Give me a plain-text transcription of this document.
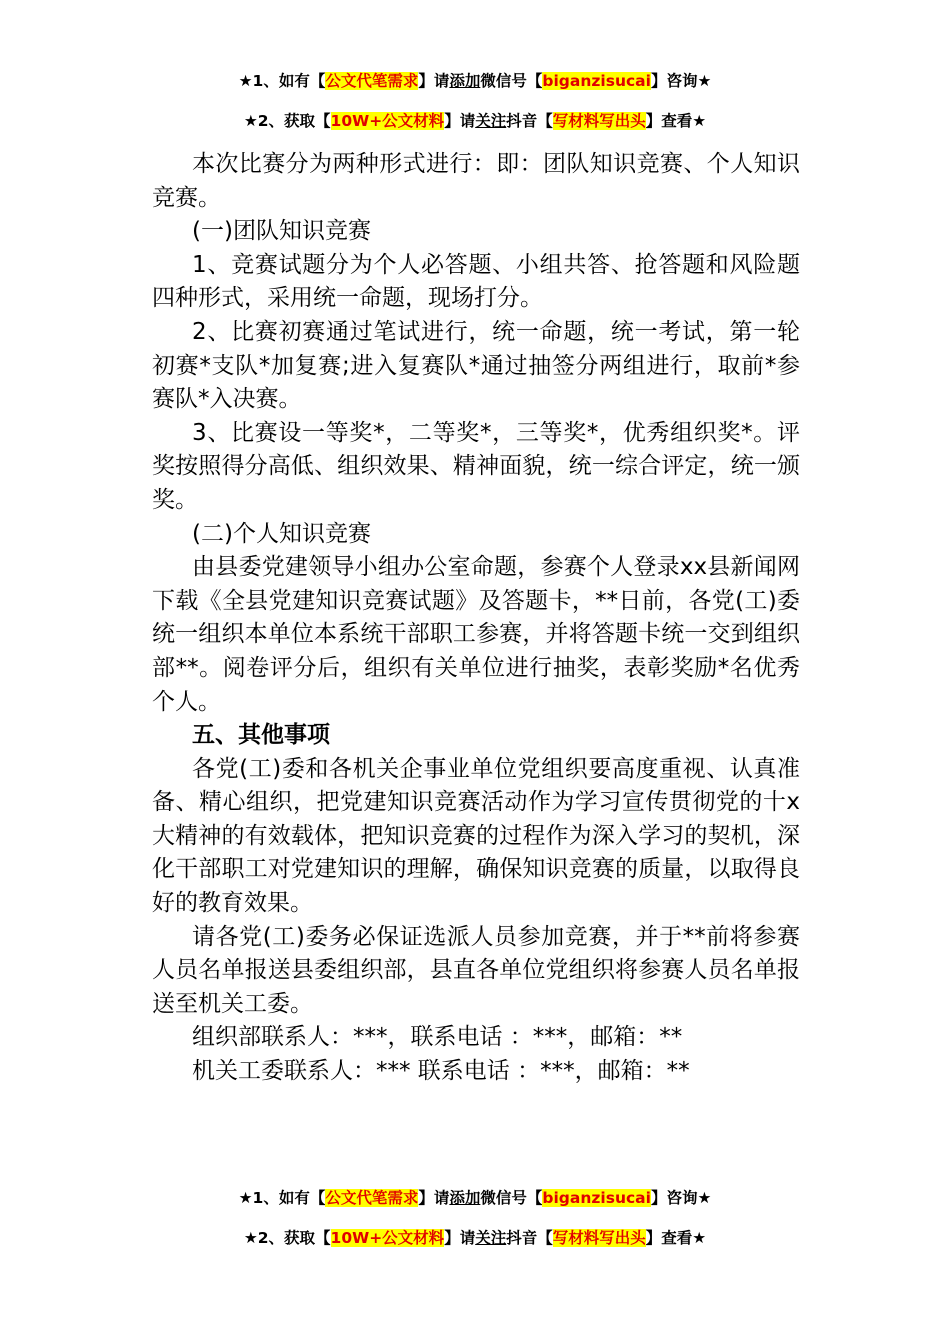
★1、如有【公文代笔需求】请添加微信号【biganzisucai】咨询★
★2、获取【10W+公文材料】请关注抖音【写材料写出头】查看★

本次比赛分为两种形式进行：即：团队知识竞赛、个人知识竞赛。

(一)团队知识竞赛

1、竞赛试题分为个人必答题、小组共答、抢答题和风险题四种形式，采用统一命题，现场打分。

2、比赛初赛通过笔试进行，统一命题，统一考试，第一轮初赛*支队*加复赛;进入复赛队*通过抽签分两组进行，取前*参赛队*入决赛。

3、比赛设一等奖*，二等奖*，三等奖*，优秀组织奖*。评奖按照得分高低、组织效果、精神面貌，统一综合评定，统一颁奖。

(二)个人知识竞赛

由县委党建领导小组办公室命题，参赛个人登录xx县新闻网下载《全县党建知识竞赛试题》及答题卡，**日前，各党(工)委统一组织本单位本系统干部职工参赛，并将答题卡统一交到组织部**。阅卷评分后，组织有关单位进行抽奖，表彰奖励*名优秀个人。

五、其他事项

各党(工)委和各机关企事业单位党组织要高度重视、认真准备、精心组织，把党建知识竞赛活动作为学习宣传贯彻党的十x大精神的有效载体，把知识竞赛的过程作为深入学习的契机，深化干部职工对党建知识的理解，确保知识竞赛的质量，以取得良好的教育效果。

请各党(工)委务必保证选派人员参加竞赛，并于**前将参赛人员名单报送县委组织部，县直各单位党组织将参赛人员名单报送至机关工委。

组织部联系人：***，联系电话 ：***，邮箱：**

机关工委联系人：*** 联系电话 ：***，邮箱：**

★1、如有【公文代笔需求】请添加微信号【biganzisucai】咨询★
★2、获取【10W+公文材料】请关注抖音【写材料写出头】查看★
